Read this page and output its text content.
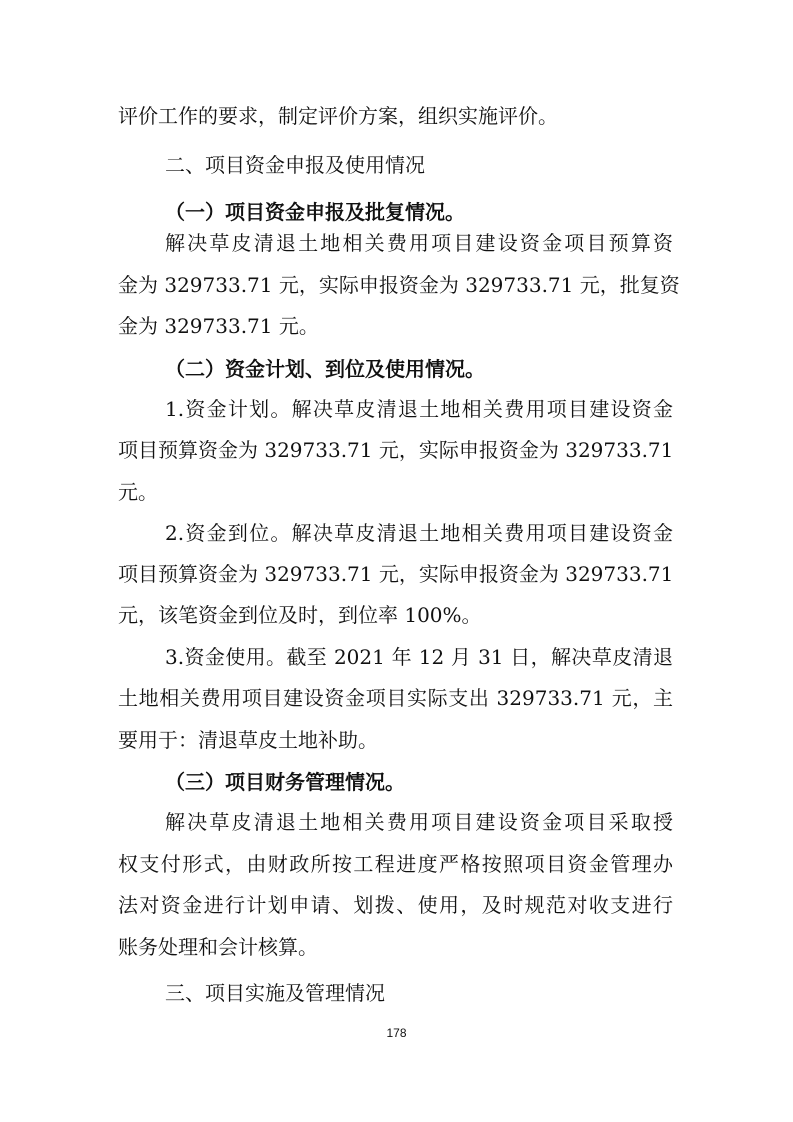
评价工作的要求，制定评价方案，组织实施评价。
二、项目资金申报及使用情况
（一）项目资金申报及批复情况。
解决草皮清退土地相关费用项目建设资金项目预算资
金为 329733.71 元，实际申报资金为 329733.71 元，批复资
金为 329733.71 元。
（二）资金计划、到位及使用情况。
1.资金计划。解决草皮清退土地相关费用项目建设资金
项目预算资金为 329733.71 元，实际申报资金为 329733.71
元。
2.资金到位。解决草皮清退土地相关费用项目建设资金
项目预算资金为 329733.71 元，实际申报资金为 329733.71
元，该笔资金到位及时，到位率 100%。
3.资金使用。截至 2021 年 12 月 31 日，解决草皮清退
土地相关费用项目建设资金项目实际支出 329733.71 元，主
要用于：清退草皮土地补助。
（三）项目财务管理情况。
解决草皮清退土地相关费用项目建设资金项目采取授
权支付形式，由财政所按工程进度严格按照项目资金管理办
法对资金进行计划申请、划拨、使用，及时规范对收支进行
账务处理和会计核算。
三、项目实施及管理情况
178
